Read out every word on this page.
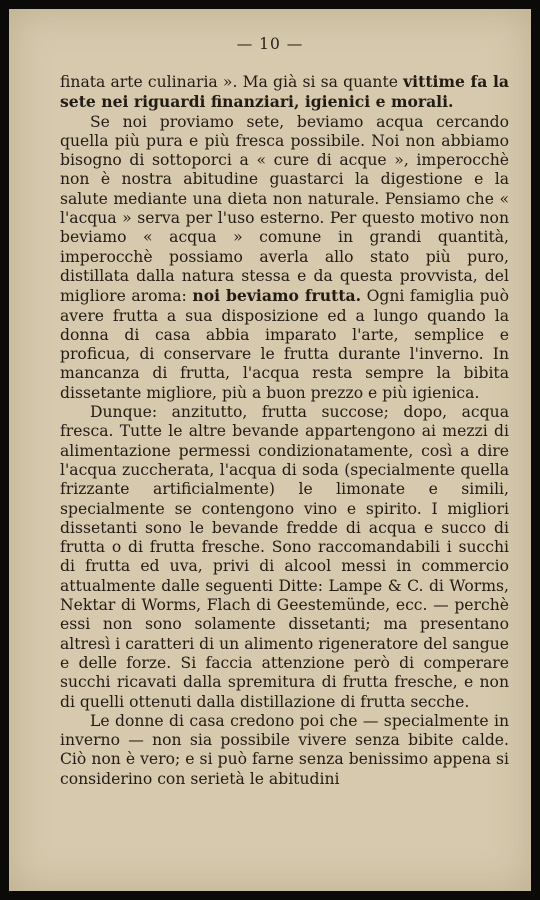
— 10 —

finata arte culinaria ». Ma già si sa quante vittime fa la sete nei riguardi finanziari, igienici e morali.

Se noi proviamo sete, beviamo acqua cercando quella più pura e più fresca possibile. Noi non abbiamo bisogno di sottoporci a « cure di acque », imperocchè non è nostra abitudine guastarci la digestione e la salute mediante una dieta non naturale. Pensiamo che « l'acqua » serva per l'uso esterno. Per questo motivo non beviamo « acqua » comune in grandi quantità, imperocchè possiamo averla allo stato più puro, distillata dalla natura stessa e da questa provvista, del migliore aroma: noi beviamo frutta. Ogni famiglia può avere frutta a sua disposizione ed a lungo quando la donna di casa abbia imparato l'arte, semplice e proficua, di conservare le frutta durante l'inverno. In mancanza di frutta, l'acqua resta sempre la bibita dissetante migliore, più a buon prezzo e più igienica.

Dunque: anzitutto, frutta succose; dopo, acqua fresca. Tutte le altre bevande appartengono ai mezzi di alimentazione permessi condizionatamente, così a dire l'acqua zuccherata, l'acqua di soda (specialmente quella frizzante artificialmente) le limonate e simili, specialmente se contengono vino e spirito. I migliori dissetanti sono le bevande fredde di acqua e succo di frutta o di frutta fresche. Sono raccomandabili i succhi di frutta ed uva, privi di alcool messi in commercio attualmente dalle seguenti Ditte: Lampe & C. di Worms, Nektar di Worms, Flach di Geestemünde, ecc. — perchè essi non sono solamente dissetanti; ma presentano altresì i caratteri di un alimento rigeneratore del sangue e delle forze. Si faccia attenzione però di comperare succhi ricavati dalla spremitura di frutta fresche, e non di quelli ottenuti dalla distillazione di frutta secche.

Le donne di casa credono poi che — specialmente in inverno — non sia possibile vivere senza bibite calde. Ciò non è vero; e si può farne senza benissimo appena si considerino con serietà le abitudini
